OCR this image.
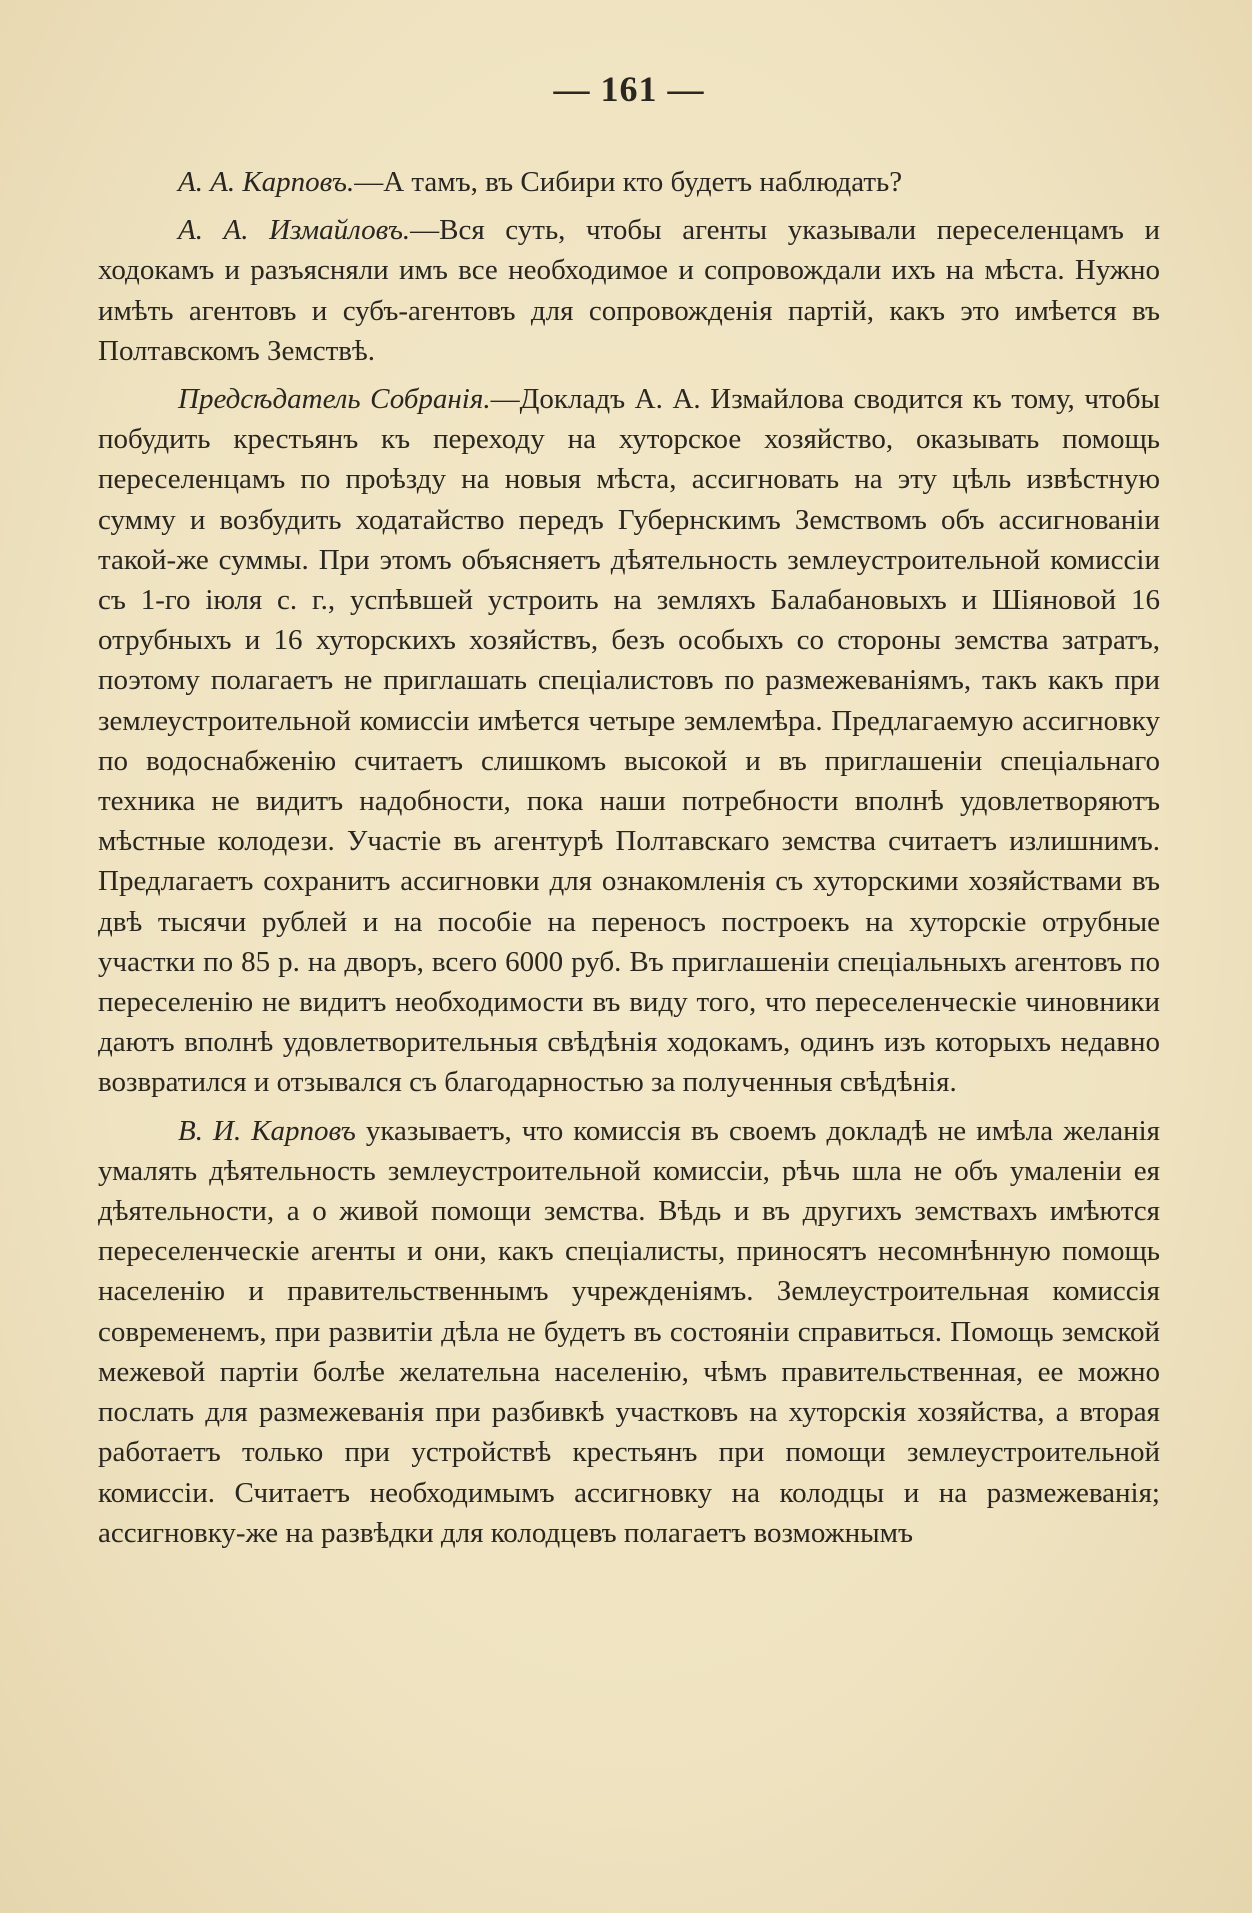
— 161 —

А. А. Карповъ.—А тамъ, въ Сибири кто будетъ наблюдать?

А. А. Измайловъ.—Вся суть, чтобы агенты указывали переселенцамъ и ходокамъ и разъясняли имъ все необходимое и сопровождали ихъ на мѣста. Нужно имѣть агентовъ и субъ-агентовъ для сопровожденія партій, какъ это имѣется въ Полтавскомъ Земствѣ.

Предсѣдатель Собранія.—Докладъ А. А. Измайлова сводится къ тому, чтобы побудить крестьянъ къ переходу на хуторское хозяйство, оказывать помощь переселенцамъ по проѣзду на новыя мѣста, ассигновать на эту цѣль извѣстную сумму и возбудить ходатайство передъ Губернскимъ Земствомъ объ ассигнованіи такой-же суммы. При этомъ объясняетъ дѣятельность землеустроительной комиссіи съ 1-го іюля с. г., успѣвшей устроить на земляхъ Балабановыхъ и Шіяновой 16 отрубныхъ и 16 хуторскихъ хозяйствъ, безъ особыхъ со стороны земства затратъ, поэтому полагаетъ не приглашать спеціалистовъ по размежеваніямъ, такъ какъ при землеустроительной комиссіи имѣется четыре землемѣра. Предлагаемую ассигновку по водоснабженію считаетъ слишкомъ высокой и въ приглашеніи спеціальнаго техника не видитъ надобности, пока наши потребности вполнѣ удовлетворяютъ мѣстные колодези. Участіе въ агентурѣ Полтавскаго земства считаетъ излишнимъ. Предлагаетъ сохранитъ ассигновки для ознакомленія съ хуторскими хозяйствами въ двѣ тысячи рублей и на пособіе на переносъ построекъ на хуторскіе отрубные участки по 85 р. на дворъ, всего 6000 руб. Въ приглашеніи спеціальныхъ агентовъ по переселенію не видитъ необходимости въ виду того, что переселенческіе чиновники даютъ вполнѣ удовлетворительныя свѣдѣнія ходокамъ, одинъ изъ которыхъ недавно возвратился и отзывался съ благодарностью за полученныя свѣдѣнія.

В. И. Карповъ указываетъ, что комиссія въ своемъ докладѣ не имѣла желанія умалять дѣятельность землеустроительной комиссіи, рѣчь шла не объ умаленіи ея дѣятельности, а о живой помощи земства. Вѣдь и въ другихъ земствахъ имѣются переселенческіе агенты и они, какъ спеціалисты, приносятъ несомнѣнную помощь населенію и правительственнымъ учрежденіямъ. Землеустроительная комиссія современемъ, при развитіи дѣла не будетъ въ состояніи справиться. Помощь земской межевой партіи болѣе желательна населенію, чѣмъ правительственная, ее можно послать для размежеванія при разбивкѣ участковъ на хуторскія хозяйства, а вторая работаетъ только при устройствѣ крестьянъ при помощи землеустроительной комиссіи. Считаетъ необходимымъ ассигновку на колодцы и на размежеванія; ассигновку-же на развѣдки для колодцевъ полагаетъ возможнымъ
